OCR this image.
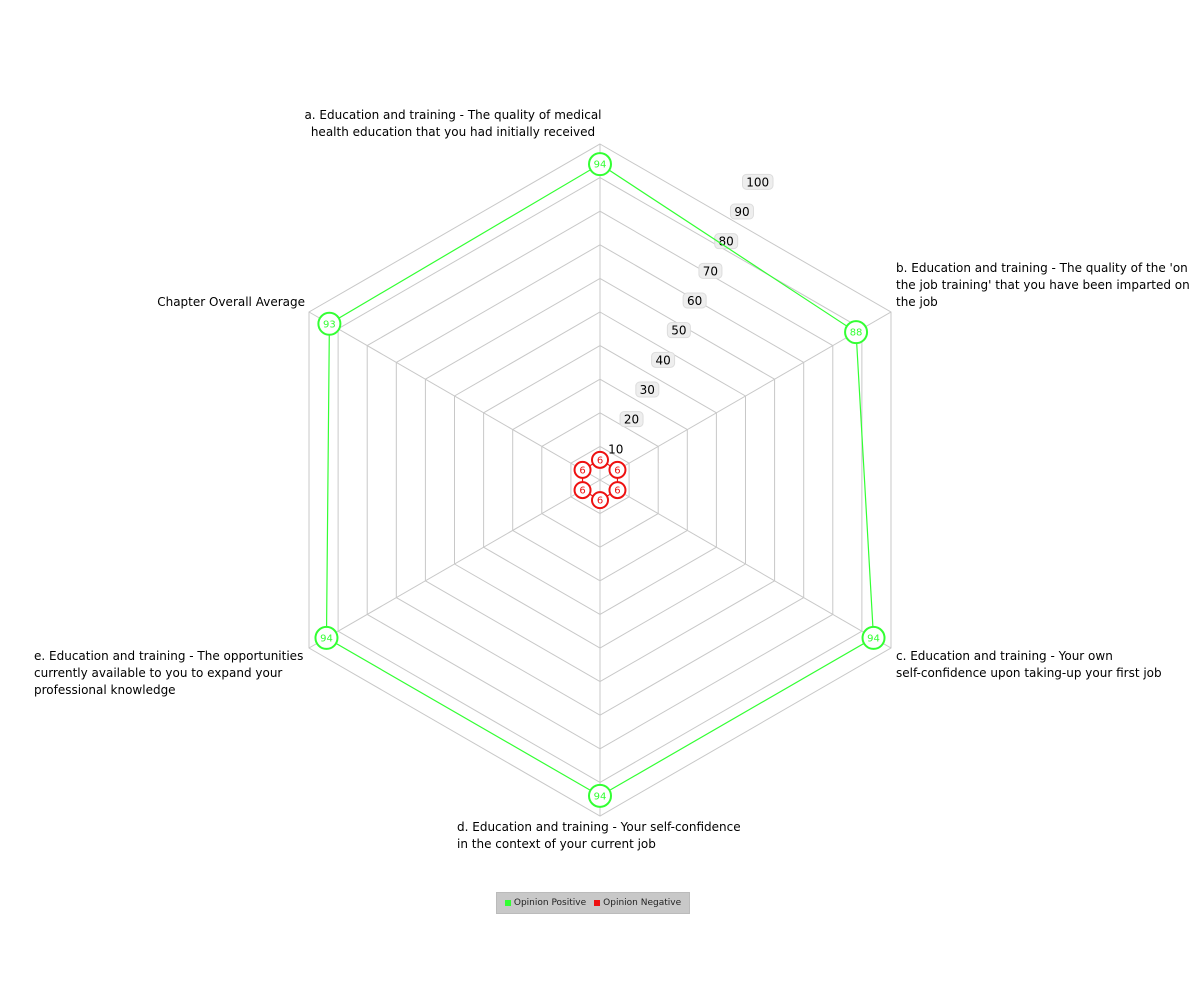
10
20
30
40
50
60
70
80
90
100
a. Education and training - The quality of medical
health education that you had initially received
b. Education and training - The quality of the 'on
the job training' that you have been imparted on
the job
c. Education and training - Your own
self-confidence upon taking-up your first job
d. Education and training - Your self-confidence
in the context of your current job
e. Education and training - The opportunities
currently available to you to expand your
professional knowledge
Chapter Overall Average
94
88
94
94
94
93
6
6
6
6
6
6
Opinion Positive Opinion Negative
